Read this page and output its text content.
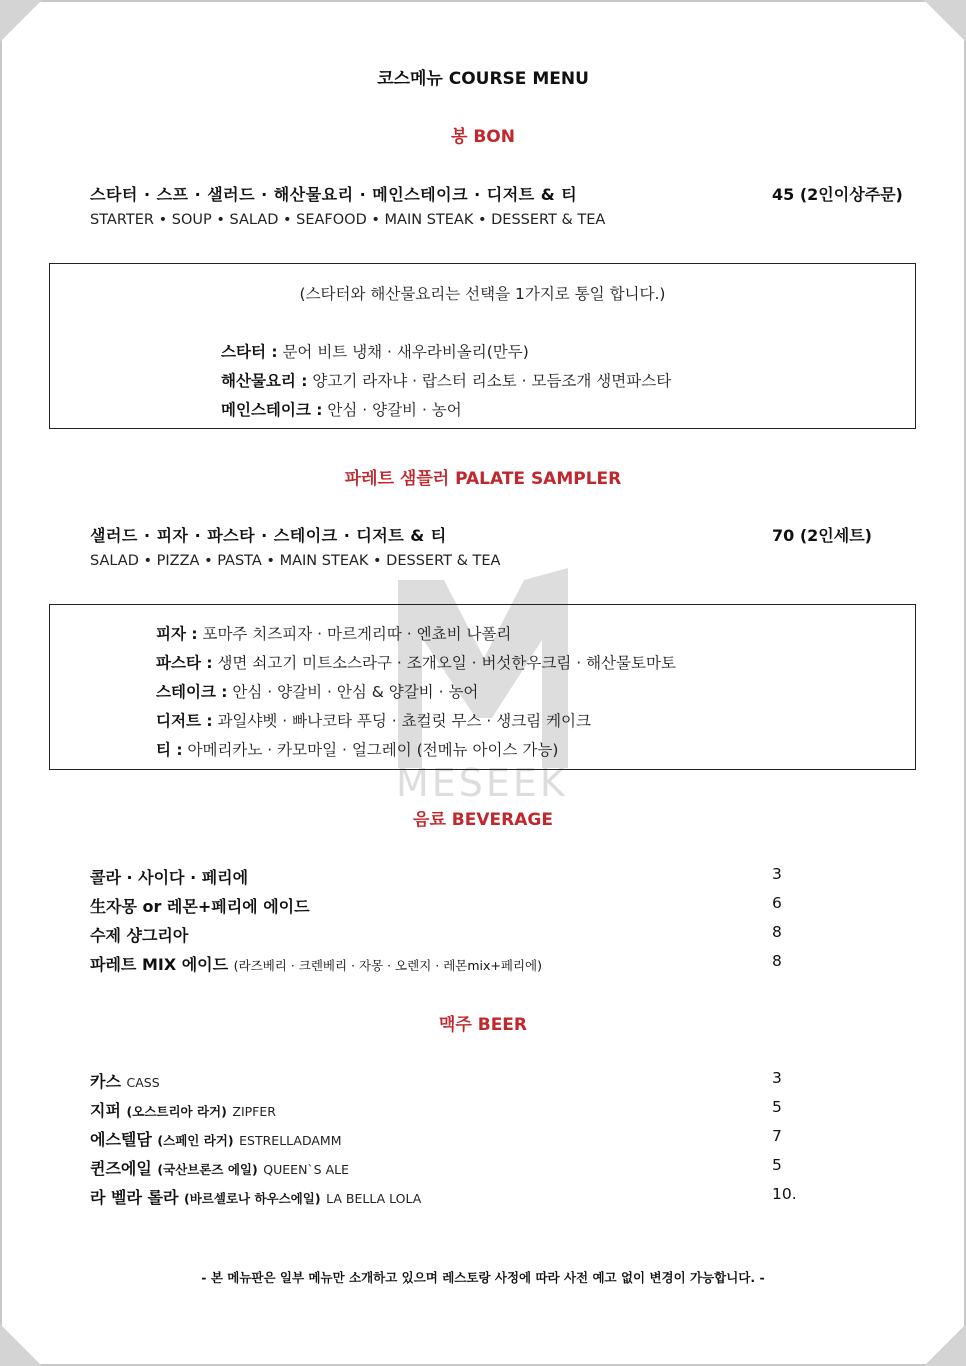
MESEEK
코스메뉴 COURSE MENU
봉 BON
스타터 · 스프 · 샐러드 · 해산물요리 · 메인스테이크 · 디저트 & 티	45 (2인이상주문)
STARTER • SOUP • SALAD • SEAFOOD • MAIN STEAK • DESSERT & TEA
(스타터와 해산물요리는 선택을 1가지로 통일 합니다.)
스타터 : 문어 비트 냉채 · 새우라비올리(만두)
해산물요리 : 양고기 라자냐 · 랍스터 리소토 · 모듬조개 생면파스타
메인스테이크 : 안심 · 양갈비 · 농어
파레트 샘플러 PALATE SAMPLER
샐러드 · 피자 · 파스타 · 스테이크 · 디저트 & 티	70 (2인세트)
SALAD • PIZZA • PASTA • MAIN STEAK • DESSERT & TEA
피자 : 포마주 치즈피자 · 마르게리따 · 엔쵸비 나폴리
파스타 : 생면 쇠고기 미트소스라구 · 조개오일 · 버섯한우크림 · 해산물토마토
스테이크 : 안심 · 양갈비 · 안심 & 양갈비 · 농어
디저트 : 과일샤벳 · 빠나코타 푸딩 · 쵸컬릿 무스 · 생크림 케이크
티 : 아메리카노 · 카모마일 · 얼그레이 (전메뉴 아이스 가능)
음료 BEVERAGE
콜라 · 사이다 · 페리에	3
生자몽 or 레몬+페리에 에이드	6
수제 샹그리아	8
파레트 MIX 에이드 (라즈베리 · 크렌베리 · 자몽 · 오렌지 · 레몬mix+페리에)	8
맥주 BEER
카스 CASS	3
지퍼 (오스트리아 라거) ZIPFER	5
에스텔담 (스페인 라거) ESTRELLADAMM	7
퀸즈에일 (국산브론즈 에일) QUEEN`S ALE	5
라 벨라 롤라 (바르셀로나 하우스에일) LA BELLA LOLA	10.
- 본 메뉴판은 일부 메뉴만 소개하고 있으며 레스토랑 사정에 따라 사전 예고 없이 변경이 가능합니다. -
